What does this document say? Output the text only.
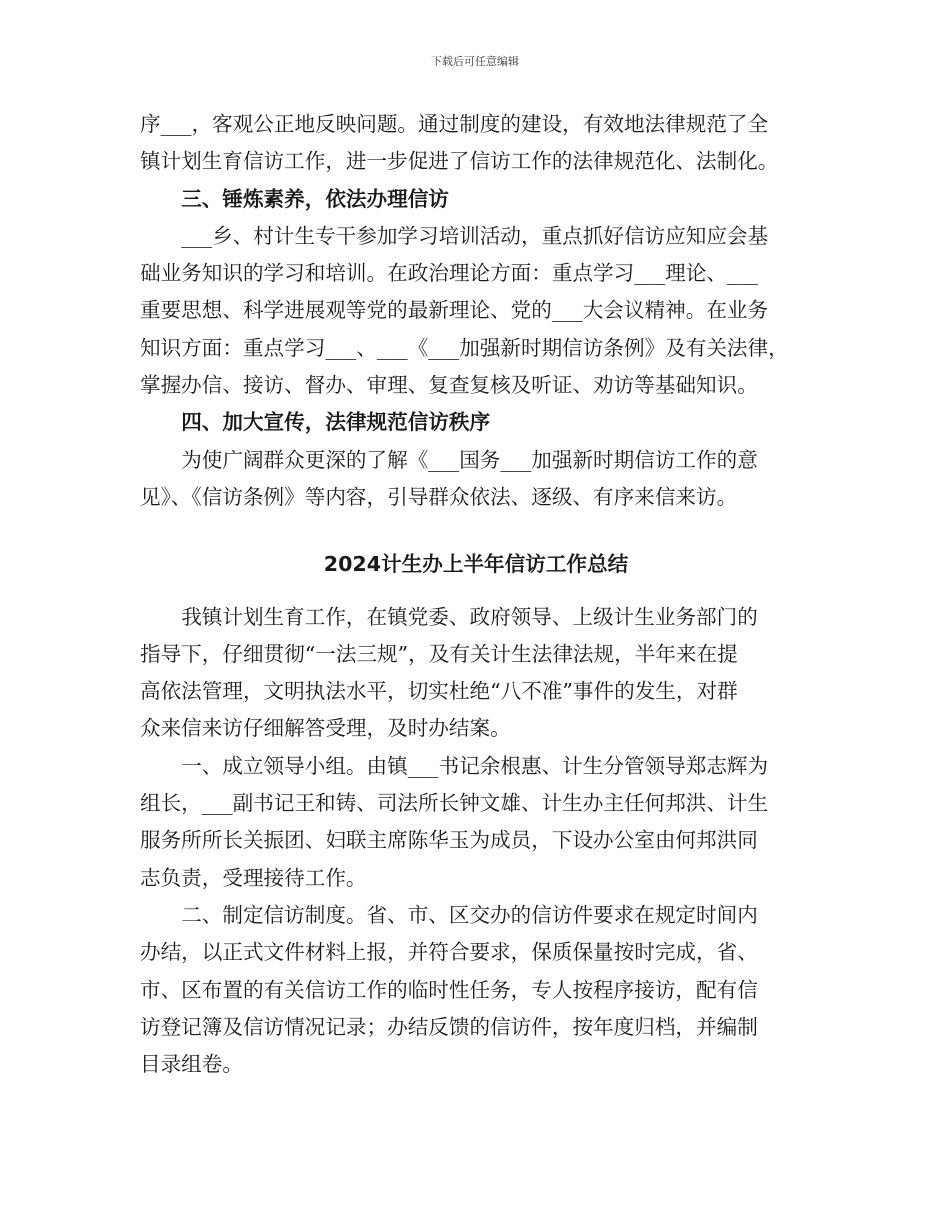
下载后可任意编辑
序___，客观公正地反映问题。通过制度的建设，有效地法律规范了全
镇计划生育信访工作，进一步促进了信访工作的法律规范化、法制化。
三、锤炼素养，依法办理信访
___乡、村计生专干参加学习培训活动，重点抓好信访应知应会基
础业务知识的学习和培训。在政治理论方面：重点学习___理论、___
重要思想、科学进展观等党的最新理论、党的___大会议精神。在业务
知识方面：重点学习___、___《___加强新时期信访条例》及有关法律，
掌握办信、接访、督办、审理、复查复核及听证、劝访等基础知识。
四、加大宣传，法律规范信访秩序
为使广阔群众更深的了解《___国务___加强新时期信访工作的意
见》、《信访条例》等内容，引导群众依法、逐级、有序来信来访。
2024计生办上半年信访工作总结
我镇计划生育工作，在镇党委、政府领导、上级计生业务部门的
指导下，仔细贯彻“一法三规”，及有关计生法律法规，半年来在提
高依法管理，文明执法水平，切实杜绝“八不准”事件的发生，对群
众来信来访仔细解答受理，及时办结案。
一、成立领导小组。由镇___书记余根惠、计生分管领导郑志辉为
组长，___副书记王和铸、司法所长钟文雄、计生办主任何邦洪、计生
服务所所长关振团、妇联主席陈华玉为成员，下设办公室由何邦洪同
志负责，受理接待工作。
二、制定信访制度。省、市、区交办的信访件要求在规定时间内
办结，以正式文件材料上报，并符合要求，保质保量按时完成，省、
市、区布置的有关信访工作的临时性任务，专人按程序接访，配有信
访登记簿及信访情况记录；办结反馈的信访件，按年度归档，并编制
目录组卷。
